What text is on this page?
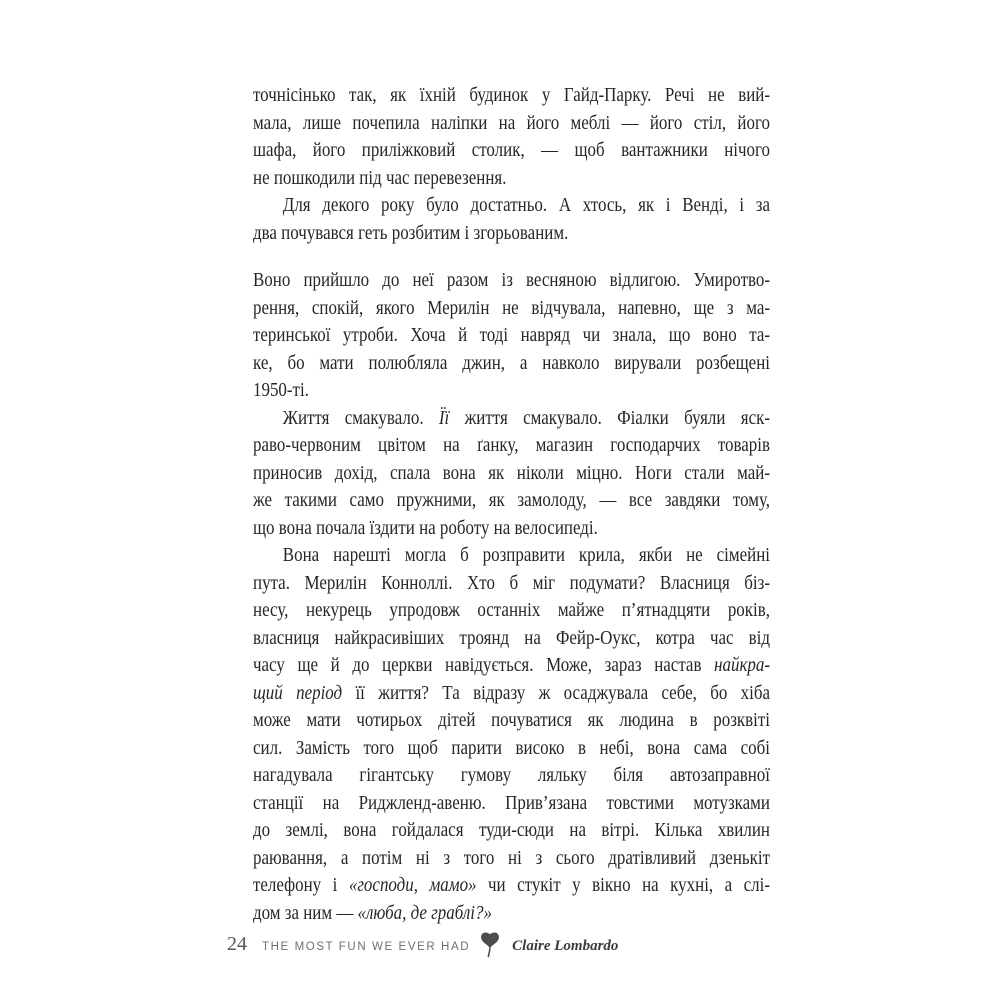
точнісінько так, як їхній будинок у Гайд-Парку. Речі не вий-
мала, лише почепила наліпки на його меблі — його стіл, його
шафа, його приліжковий столик, — щоб вантажники нічого
не пошкодили під час перевезення.
Для декого року було достатньо. А хтось, як і Венді, і за
два почувався геть розбитим і згорьованим.
Воно прийшло до неї разом із весняною відлигою. Умиротво-
рення, спокій, якого Мерилін не відчувала, напевно, ще з ма-
теринської утроби. Хоча й тоді навряд чи знала, що воно та-
ке, бо мати полюбляла джин, а навколо вирували розбещені
1950-ті.
Життя смакувало. Її життя смакувало. Фіалки буяли яск-
раво-червоним цвітом на ґанку, магазин господарчих товарів
приносив дохід, спала вона як ніколи міцно. Ноги стали май-
же такими само пружними, як замолоду, — все завдяки тому,
що вона почала їздити на роботу на велосипеді.
Вона нарешті могла б розправити крила, якби не сімейні
пута. Мерилін Конноллі. Хто б міг подумати? Власниця біз-
несу, некурець упродовж останніх майже п’ятнадцяти років,
власниця найкрасивіших троянд на Фейр-Оукс, котра час від
часу ще й до церкви навідується. Може, зараз настав найкра-
щий період її життя? Та відразу ж осаджувала себе, бо хіба
може мати чотирьох дітей почуватися як людина в розквіті
сил. Замість того щоб парити високо в небі, вона сама собі
нагадувала гігантську гумову ляльку біля автозаправної
станції на Риджленд-авеню. Прив’язана товстими мотузками
до землі, вона гойдалася туди-сюди на вітрі. Кілька хвилин
раювання, а потім ні з того ні з сього дратівливий дзенькіт
телефону і «господи, мамо» чи стукіт у вікно на кухні, а слі-
дом за ним — «люба, де граблі?»
24 THE MOST FUN WE EVER HAD	Claire Lombardo
